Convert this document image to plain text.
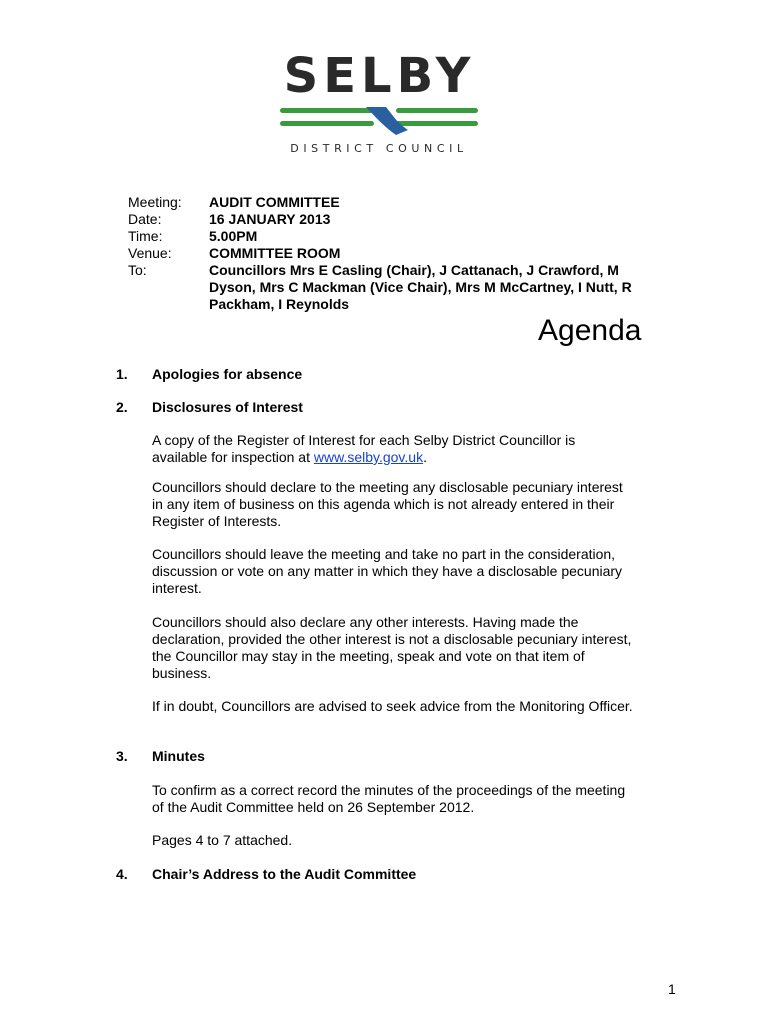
SELBY
DISTRICT COUNCIL
Meeting:	AUDIT COMMITTEE
Date:	16 JANUARY 2013
Time:	5.00PM
Venue:	COMMITTEE ROOM
To:	Councillors Mrs E Casling (Chair), J Cattanach, J Crawford, M Dyson, Mrs C Mackman (Vice Chair), Mrs M McCartney, I Nutt, R Packham, I Reynolds
Agenda
1. Apologies for absence
2. Disclosures of Interest
A copy of the Register of Interest for each Selby District Councillor is available for inspection at www.selby.gov.uk.
Councillors should declare to the meeting any disclosable pecuniary interest in any item of business on this agenda which is not already entered in their Register of Interests.
Councillors should leave the meeting and take no part in the consideration, discussion or vote on any matter in which they have a disclosable pecuniary interest.
Councillors should also declare any other interests. Having made the declaration, provided the other interest is not a disclosable pecuniary interest, the Councillor may stay in the meeting, speak and vote on that item of business.
If in doubt, Councillors are advised to seek advice from the Monitoring Officer.
3. Minutes
To confirm as a correct record the minutes of the proceedings of the meeting of the Audit Committee held on 26 September 2012.
Pages 4 to 7 attached.
4. Chair’s Address to the Audit Committee
1
